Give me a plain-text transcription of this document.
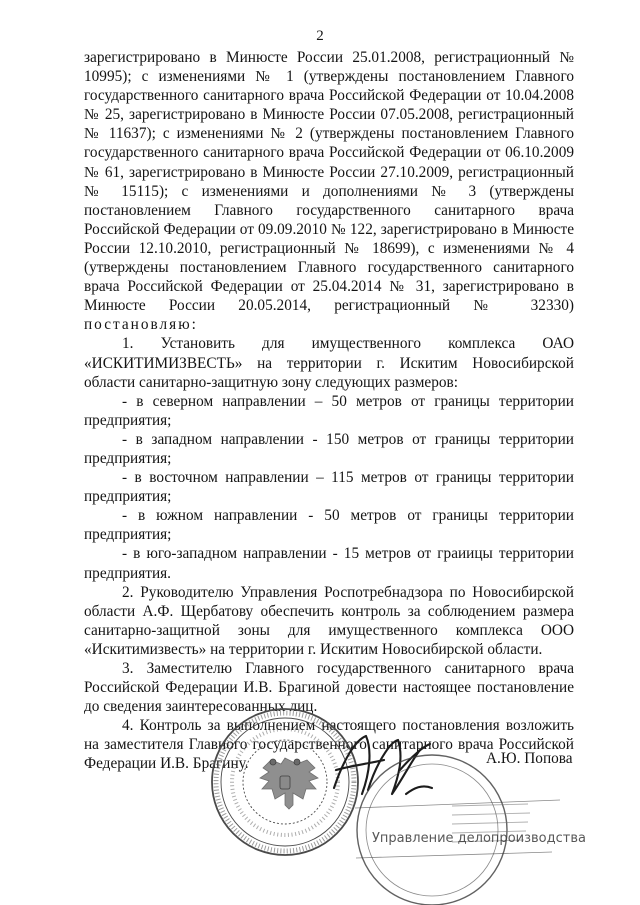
2

зарегистрировано в Минюсте России 25.01.2008, регистрационный № 10995); с изменениями № 1 (утверждены постановлением Главного государственного санитарного врача Российской Федерации от 10.04.2008 № 25, зарегистрировано в Минюсте России 07.05.2008, регистрационный № 11637); с изменениями № 2 (утверждены постановлением Главного государственного санитарного врача Российской Федерации от 06.10.2009 № 61, зарегистрировано в Минюсте России 27.10.2009, регистрационный № 15115); с изменениями и дополнениями № 3 (утверждены постановлением Главного государственного санитарного врача Российской Федерации от 09.09.2010 № 122, зарегистрировано в Минюсте России 12.10.2010, регистрационный № 18699), с изменениями № 4 (утверждены постановлением Главного государственного санитарного врача Российской Федерации от 25.04.2014 № 31, зарегистрировано в Минюсте России 20.05.2014, регистрационный № 32330) постановляю:

1. Установить для имущественного комплекса ОАО «ИСКИТИМИЗВЕСТЬ» на территории г. Искитим Новосибирской области санитарно-защитную зону следующих размеров:

- в северном направлении – 50 метров от границы территории предприятия;

- в западном направлении - 150 метров от границы территории предприятия;

- в восточном направлении – 115 метров от границы территории предприятия;

- в южном направлении - 50 метров от границы территории предприятия;

- в юго-западном направлении - 15 метров от граиицы территории предприятия.

2. Руководителю Управления Роспотребнадзора по Новосибирской области А.Ф. Щербатову обеспечить контроль за соблюдением размера санитарно-защитной зоны для имущественного комплекса ООО «Искитимизвесть» на территории г. Искитим Новосибирской области.

3. Заместителю Главного государственного санитарного врача Российской Федерации И.В. Брагиной довести настоящее постановление до сведения заинтересованных лиц.

4. Контроль за выполнением настоящего постановления возложить на заместителя Главного государственного санитарного врача Российской Федерации И.В. Брагину.

Управление делопроизводства
А.Ю. Попова
